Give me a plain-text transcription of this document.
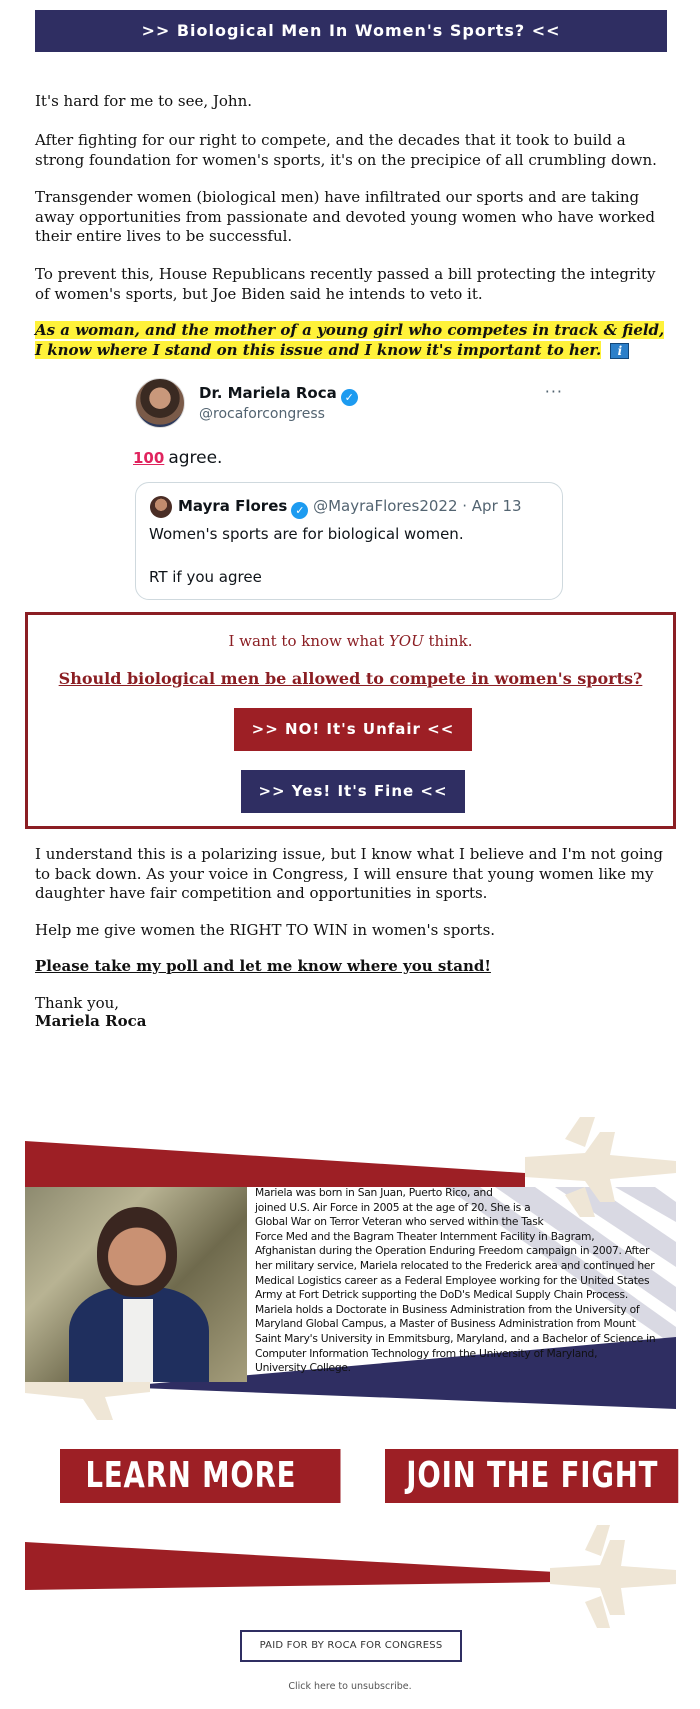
>> Biological Men In Women's Sports? <<

It's hard for me to see, John.

After fighting for our right to compete, and the decades that it took to build a strong foundation for women's sports, it's on the precipice of all crumbling down.

Transgender women (biological men) have infiltrated our sports and are taking away opportunities from passionate and devoted young women who have worked their entire lives to be successful.

To prevent this, House Republicans recently passed a bill protecting the integrity of women's sports, but Joe Biden said he intends to veto it.

As a woman, and the mother of a young girl who competes in track & field, I know where I stand on this issue and I know it's important to her. i

Dr. Mariela Roca ✓
@rocaforcongress
···
100 agree.
Mayra Flores ✓ @MayraFlores2022 · Apr 13
Women's sports are for biological women.
RT if you agree
I want to know what YOU think.
Should biological men be allowed to compete in women's sports?
>> NO! It's Unfair <<
>> Yes! It's Fine <<

I understand this is a polarizing issue, but I know what I believe and I'm not going to back down. As your voice in Congress, I will ensure that young women like my daughter have fair competition and opportunities in sports.

Help me give women the RIGHT TO WIN in women's sports.

Please take my poll and let me know where you stand!

Thank you,

Mariela Roca

Mariela was born in San Juan, Puerto Rico, and
joined U.S. Air Force in 2005 at the age of 20. She is a
Global War on Terror Veteran who served within the Task
Force Med and the Bagram Theater Internment Facility in Bagram,
Afghanistan during the Operation Enduring Freedom campaign in 2007. After
her military service, Mariela relocated to the Frederick area and continued her
Medical Logistics career as a Federal Employee working for the United States
Army at Fort Detrick supporting the DoD's Medical Supply Chain Process.
Mariela holds a Doctorate in Business Administration from the University of
Maryland Global Campus, a Master of Business Administration from Mount
Saint Mary's University in Emmitsburg, Maryland, and a Bachelor of Science in
Computer Information Technology from the University of Maryland,
University College.
LEARN MORE	JOIN THE FIGHT
PAID FOR BY ROCA FOR CONGRESS
Click here to unsubscribe.
